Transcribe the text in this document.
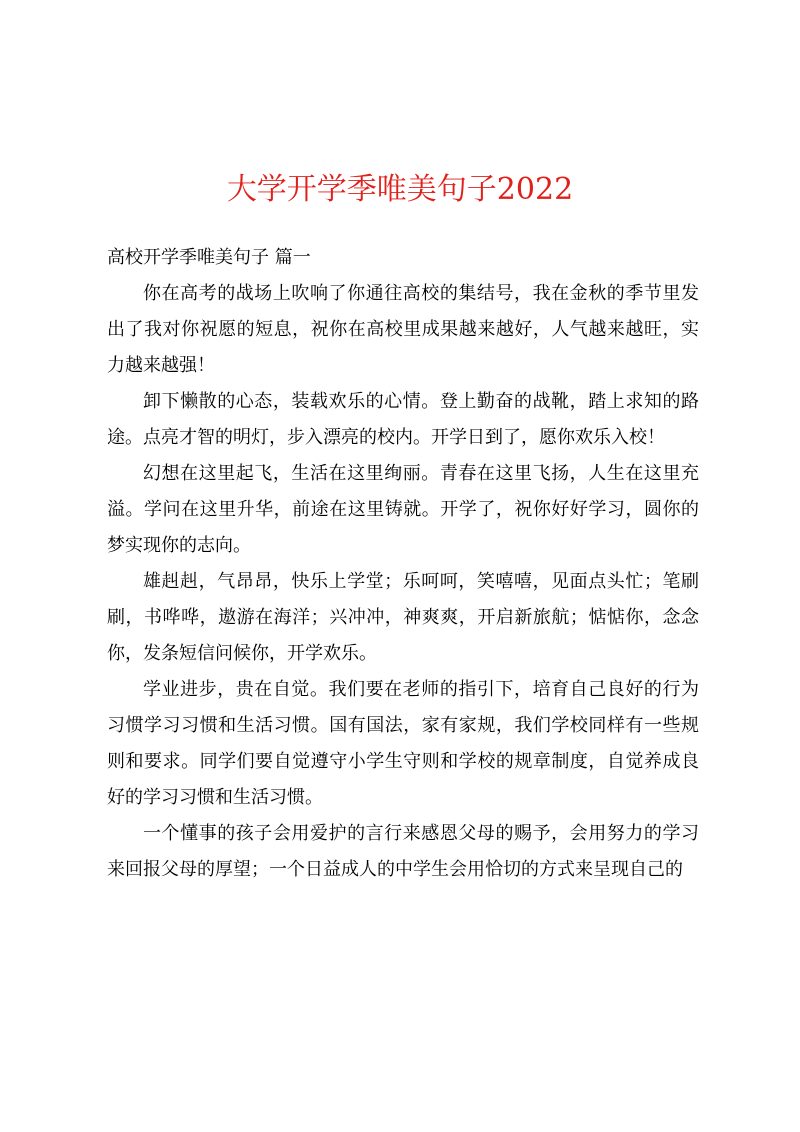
大学开学季唯美句子2022

高校开学季唯美句子 篇一

你在高考的战场上吹响了你通往高校的集结号，我在金秋的季节里发出了我对你祝愿的短息，祝你在高校里成果越来越好，人气越来越旺，实力越来越强！

卸下懒散的心态，装载欢乐的心情。登上勤奋的战靴，踏上求知的路途。点亮才智的明灯，步入漂亮的校内。开学日到了，愿你欢乐入校！

幻想在这里起飞，生活在这里绚丽。青春在这里飞扬，人生在这里充溢。学问在这里升华，前途在这里铸就。开学了，祝你好好学习，圆你的梦实现你的志向。

雄赳赳，气昂昂，快乐上学堂；乐呵呵，笑嘻嘻，见面点头忙；笔刷刷，书哗哗，遨游在海洋；兴冲冲，神爽爽，开启新旅航；惦惦你，念念你，发条短信问候你，开学欢乐。

学业进步，贵在自觉。我们要在老师的指引下，培育自己良好的行为习惯学习习惯和生活习惯。国有国法，家有家规，我们学校同样有一些规则和要求。同学们要自觉遵守小学生守则和学校的规章制度，自觉养成良好的学习习惯和生活习惯。

一个懂事的孩子会用爱护的言行来感恩父母的赐予，会用努力的学习来回报父母的厚望；一个日益成人的中学生会用恰切的方式来呈现自己的
